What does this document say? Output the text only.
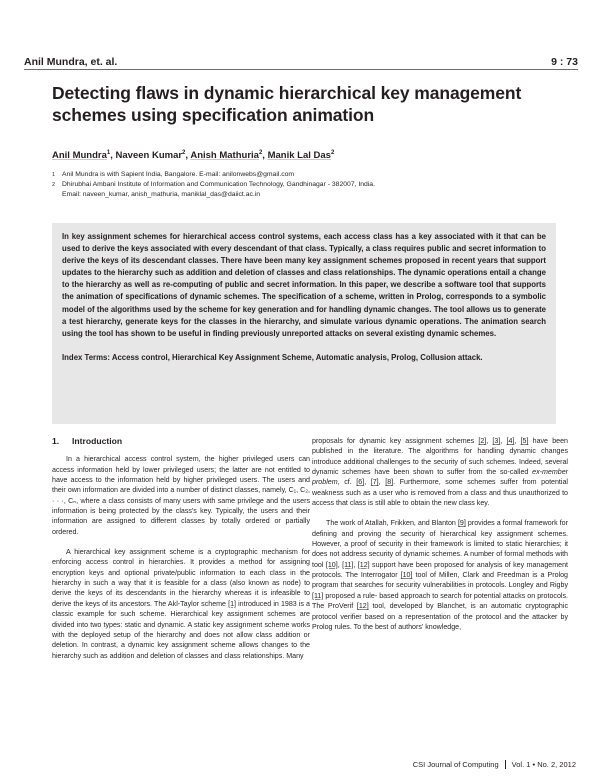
Anil Mundra, et. al.	9 : 73
Detecting flaws in dynamic hierarchical key management schemes using specification animation
Anil Mundra$^1$, Naveen Kumar$^2$, Anish Mathuria$^2$, Manik Lal Das$^2$
1	Anil Mundra is with Sapient India, Bangalore. E-mail: anilonwebs@gmail.com
2	Dhirubhai Ambani Institute of Information and Communication Technology, Gandhinagar - 382007, India.
Email: naveen_kumar, anish_mathuria, maniklal_das@daiict.ac.in

In key assignment schemes for hierarchical access control systems, each access class has a key associated with it that can be used to derive the keys associated with every descendant of that class. Typically, a class requires public and secret information to derive the keys of its descendant classes. There have been many key assignment schemes proposed in recent years that support updates to the hierarchy such as addition and deletion of classes and class relationships. The dynamic operations entail a change to the hierarchy as well as re-computing of public and secret information. In this paper, we describe a software tool that supports the animation of specifications of dynamic schemes. The specification of a scheme, written in Prolog, corresponds to a symbolic model of the algorithms used by the scheme for key generation and for handling dynamic changes. The tool allows us to generate a test hierarchy, generate keys for the classes in the hierarchy, and simulate various dynamic operations. The animation search using the tool has shown to be useful in finding previously unreported attacks on several existing dynamic schemes.

Index Terms: Access control, Hierarchical Key Assignment Scheme, Automatic analysis, Prolog, Collusion attack.

1.	Introduction

In a hierarchical access control system, the higher privileged users can access information held by lower privileged users; the latter are not entitled to have access to the information held by higher privileged users. The users and their own information are divided into a number of distinct classes, namely, C₁, C₂, · · ·, Cₙ, where a class consists of many users with same privilege and the users information is being protected by the class's key. Typically, the users and their information are assigned to different classes by totally ordered or partially ordered.

A hierarchical key assignment scheme is a cryptographic mechanism for enforcing access control in hierarchies. It provides a method for assigning encryption keys and optional private/public information to each class in the hierarchy in such a way that it is feasible for a class (also known as node) to derive the keys of its descendants in the hierarchy whereas it is infeasible to derive the keys of its ancestors. The Akl-Taylor scheme [1] introduced in 1983 is a classic example for such scheme. Hierarchical key assignment schemes are divided into two types: static and dynamic. A static key assignment scheme works with the deployed setup of the hierarchy and does not allow class addition or deletion. In contrast, a dynamic key assignment scheme allows changes to the hierarchy such as addition and deletion of classes and class relationships. Many

proposals for dynamic key assignment schemes [2], [3], [4], [5] have been published in the literature. The algorithms for handling dynamic changes introduce additional challenges to the security of such schemes. Indeed, several dynamic schemes have been shown to suffer from the so-called ex-member problem, cf. [6], [7], [8]. Furthermore, some schemes suffer from potential weakness such as a user who is removed from a class and thus unauthorized to access that class is still able to obtain the new class key.

The work of Atallah, Frikken, and Blanton [9] provides a formal framework for defining and proving the security of hierarchical key assignment schemes. However, a proof of security in their framework is limited to static hierarchies; it does not address security of dynamic schemes. A number of formal methods with tool [10], [11], [12] support have been proposed for analysis of key management protocols. The Interrogator [10] tool of Millen, Clark and Freedman is a Prolog program that searches for security vulnerabilities in protocols. Longley and Rigby [11] proposed a rule- based approach to search for potential attacks on protocols. The ProVerif [12] tool, developed by Blanchet, is an automatic cryptographic protocol verifier based on a representation of the protocol and the attacker by Prolog rules. To the best of authors' knowledge,

CSI Journal of Computing Vol. 1 • No. 2, 2012
